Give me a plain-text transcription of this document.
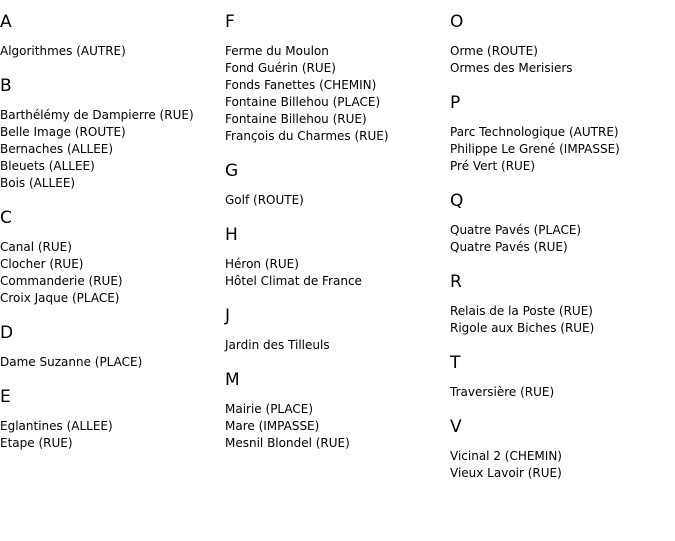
A
Algorithmes (AUTRE)
B
Barthélémy de Dampierre (RUE)
Belle Image (ROUTE)
Bernaches (ALLEE)
Bleuets (ALLEE)
Bois (ALLEE)
C
Canal (RUE)
Clocher (RUE)
Commanderie (RUE)
Croix Jaque (PLACE)
D
Dame Suzanne (PLACE)
E
Eglantines (ALLEE)
Etape (RUE)
F
Ferme du Moulon
Fond Guérin (RUE)
Fonds Fanettes (CHEMIN)
Fontaine Billehou (PLACE)
Fontaine Billehou (RUE)
François du Charmes (RUE)
G
Golf (ROUTE)
H
Héron (RUE)
Hôtel Climat de France
J
Jardin des Tilleuls
M
Mairie (PLACE)
Mare (IMPASSE)
Mesnil Blondel (RUE)
O
Orme (ROUTE)
Ormes des Merisiers
P
Parc Technologique (AUTRE)
Philippe Le Grené (IMPASSE)
Pré Vert (RUE)
Q
Quatre Pavés (PLACE)
Quatre Pavés (RUE)
R
Relais de la Poste (RUE)
Rigole aux Biches (RUE)
T
Traversière (RUE)
V
Vicinal 2 (CHEMIN)
Vieux Lavoir (RUE)
